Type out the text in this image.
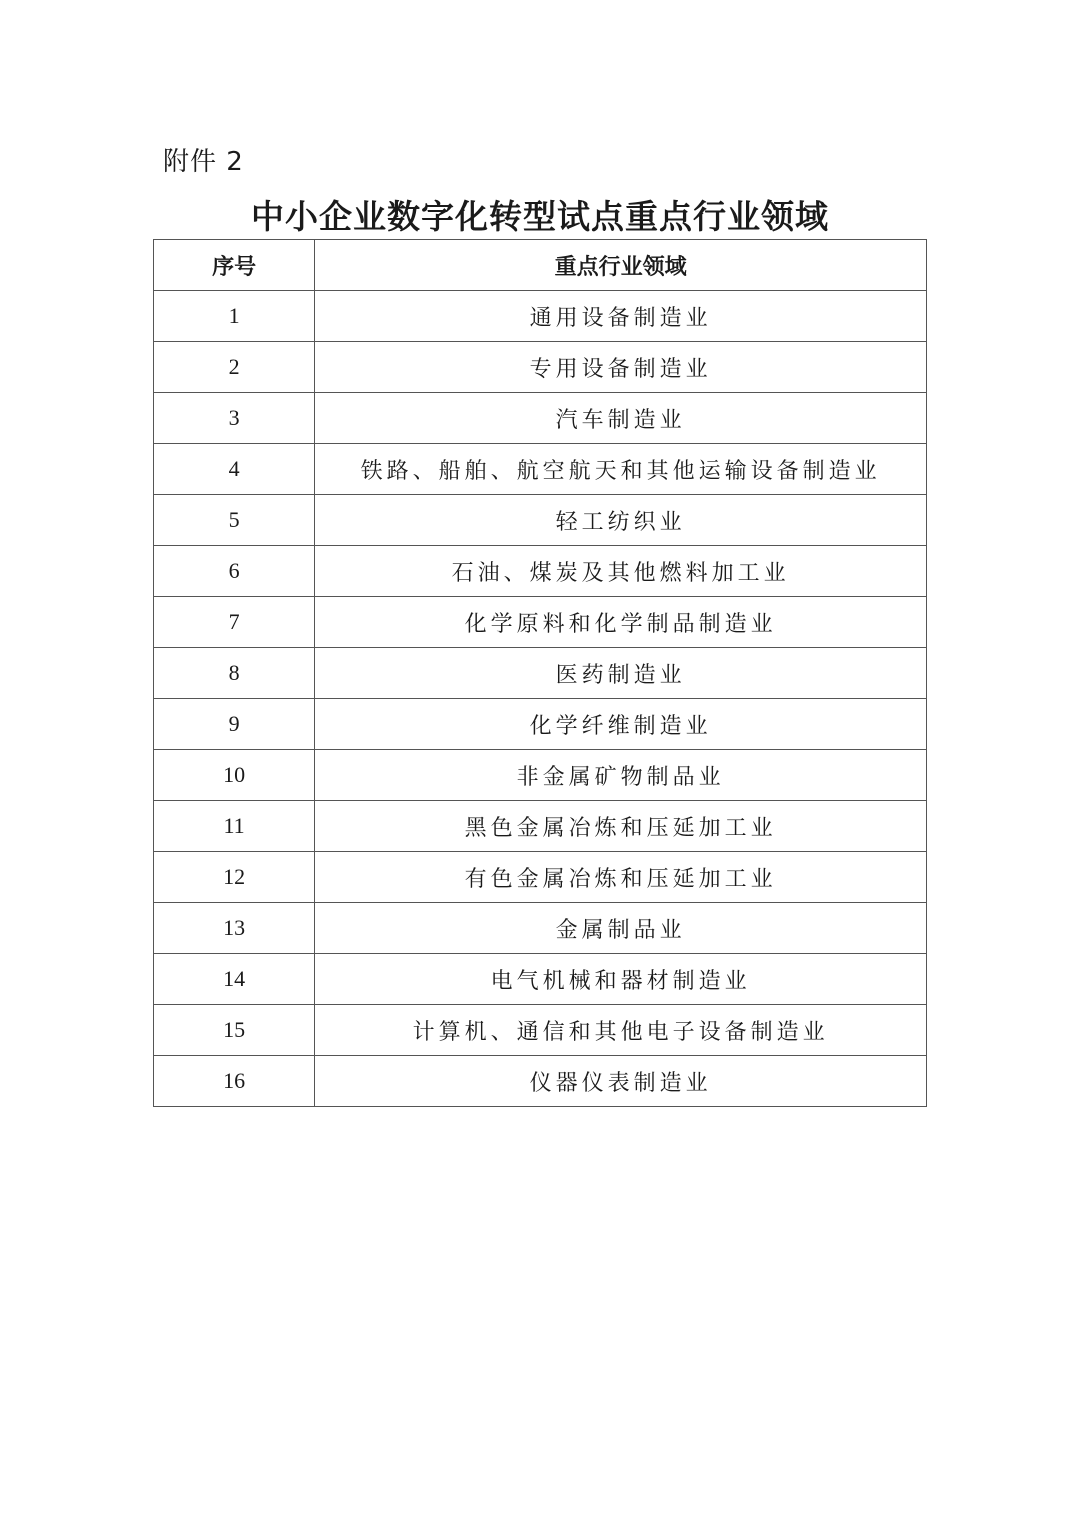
附件 2
中小企业数字化转型试点重点行业领域
序号	重点行业领域
1	通用设备制造业
2	专用设备制造业
3	汽车制造业
4	铁路、船舶、航空航天和其他运输设备制造业
5	轻工纺织业
6	石油、煤炭及其他燃料加工业
7	化学原料和化学制品制造业
8	医药制造业
9	化学纤维制造业
10	非金属矿物制品业
11	黑色金属冶炼和压延加工业
12	有色金属冶炼和压延加工业
13	金属制品业
14	电气机械和器材制造业
15	计算机、通信和其他电子设备制造业
16	仪器仪表制造业
